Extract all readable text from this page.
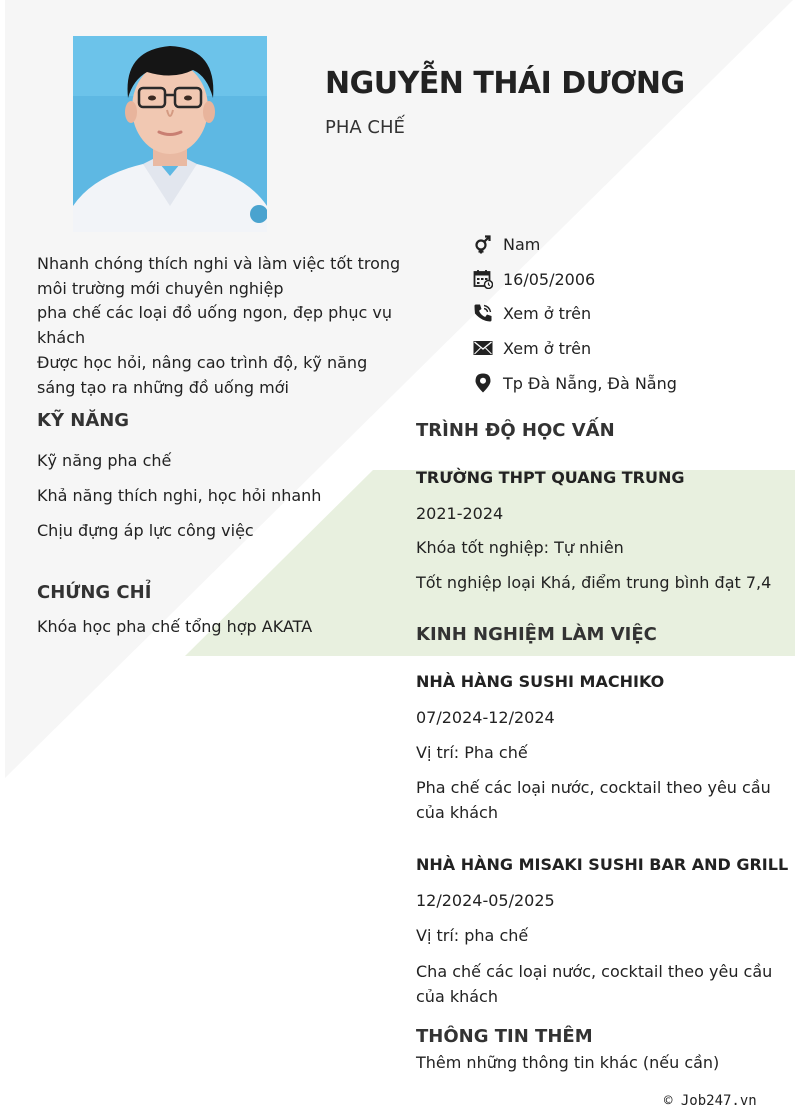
NGUYỄN THÁI DƯƠNG
PHA CHẾ
Nhanh chóng thích nghi và làm việc tốt trong môi trường mới chuyên nghiệp
pha chế các loại đồ uống ngon, đẹp phục vụ khách
Được học hỏi, nâng cao trình độ, kỹ năng sáng tạo ra những đồ uống mới
Nam
16/05/2006
Xem ở trên
Xem ở trên
Tp Đà Nẵng, Đà Nẵng
KỸ NĂNG
Kỹ năng pha chế
Khả năng thích nghi, học hỏi nhanh
Chịu đựng áp lực công việc
CHỨNG CHỈ
Khóa học pha chế tổng hợp AKATA
TRÌNH ĐỘ HỌC VẤN
TRƯỜNG THPT QUANG TRUNG
2021-2024
Khóa tốt nghiệp: Tự nhiên
Tốt nghiệp loại Khá, điểm trung bình đạt 7,4
KINH NGHIỆM LÀM VIỆC
NHÀ HÀNG SUSHI MACHIKO
07/2024-12/2024
Vị trí: Pha chế
Pha chế các loại nước, cocktail theo yêu cầu của khách
NHÀ HÀNG MISAKI SUSHI BAR AND GRILL
12/2024-05/2025
Vị trí: pha chế
Cha chế các loại nước, cocktail theo yêu cầu của khách
THÔNG TIN THÊM
Thêm những thông tin khác (nếu cần)
© Job247.vn
